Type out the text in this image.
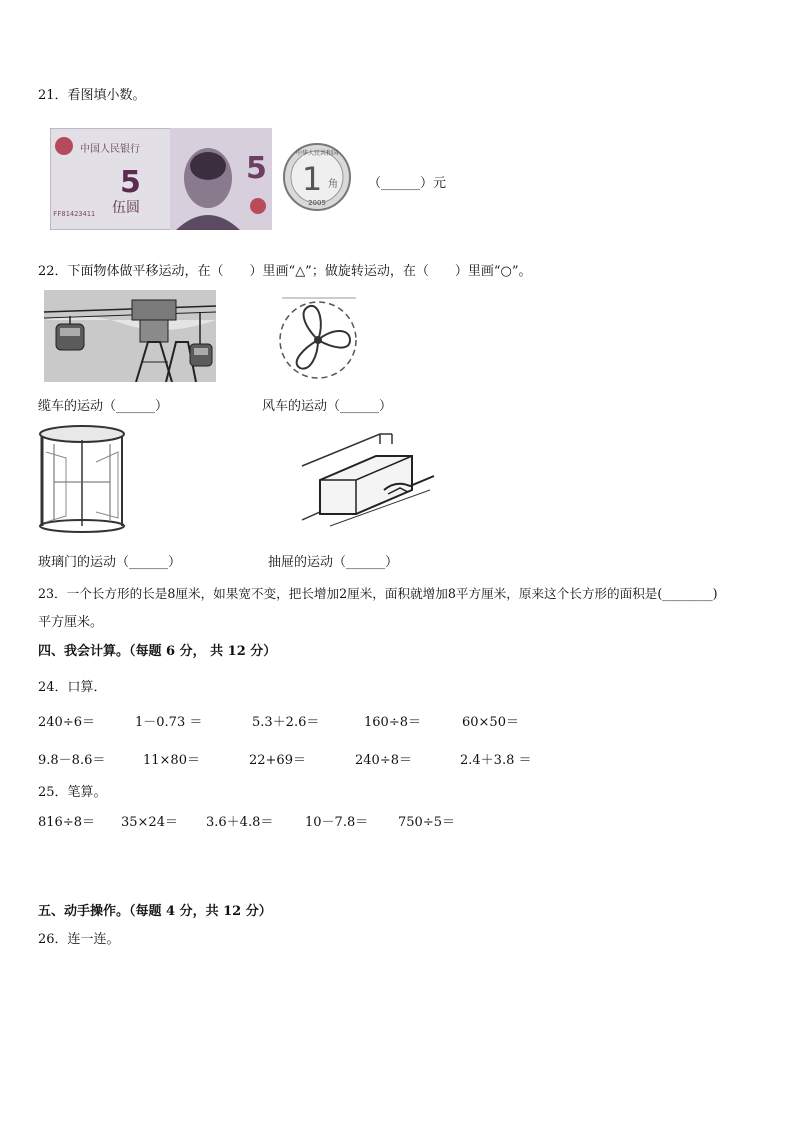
21．看图填小数。
中国人民银行
5
伍圆
FF81423411
5	中华人民共和国
1 角
2005
（______）元
22．下面物体做平移运动，在（　　）里画“△”；做旋转运动，在（　　）里画“○”。
缆车的运动（______）	风车的运动（______）
玻璃门的运动（______）	抽屉的运动（______）
23．一个长方形的长是8厘米，如果宽不变，把长增加2厘米，面积就增加8平方厘米，原来这个长方形的面积是(________)
平方厘米。
四、我会计算。（每题 6 分， 共 12 分）
24．口算．
240÷6＝	1－0.73 ＝	5.3＋2.6＝	160÷8＝	60×50＝
9.8－8.6＝	11×80＝	22+69＝	240÷8＝	2.4＋3.8 ＝
25．笔算。
816÷8＝ 35×24＝ 3.6＋4.8＝ 10－7.8＝ 750÷5＝
五、动手操作。（每题 4 分，共 12 分）
26．连一连。
